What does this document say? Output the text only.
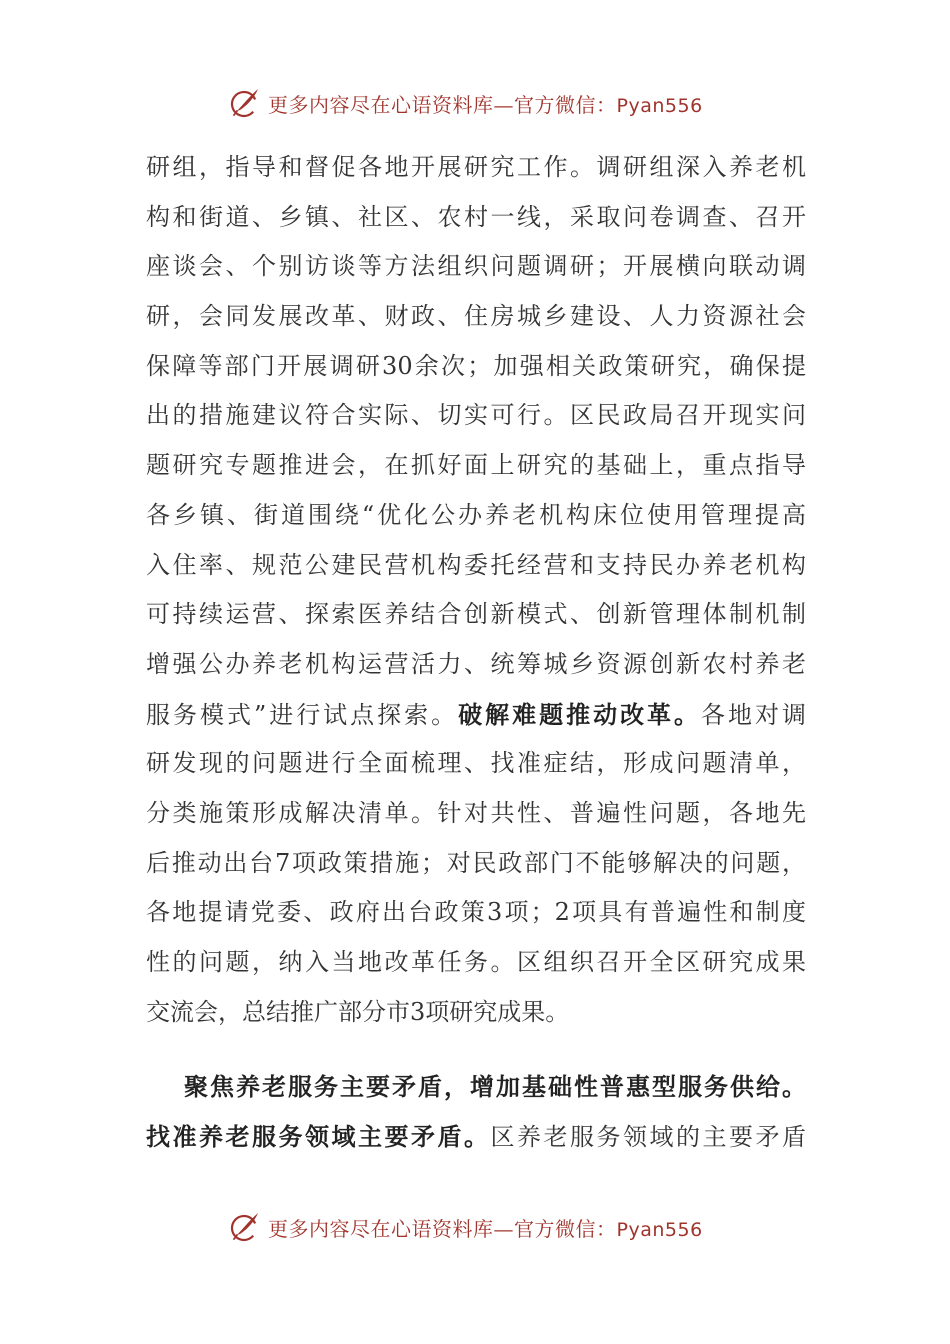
更多内容尽在心语资料库—官方微信：Pyan556
研组，指导和督促各地开展研究工作。调研组深入养老机
构和街道、乡镇、社区、农村一线，采取问卷调查、召开
座谈会、个别访谈等方法组织问题调研；开展横向联动调
研，会同发展改革、财政、住房城乡建设、人力资源社会
保障等部门开展调研30余次；加强相关政策研究，确保提
出的措施建议符合实际、切实可行。区民政局召开现实问
题研究专题推进会，在抓好面上研究的基础上，重点指导
各乡镇、街道围绕“优化公办养老机构床位使用管理提高
入住率、规范公建民营机构委托经营和支持民办养老机构
可持续运营、探索医养结合创新模式、创新管理体制机制
增强公办养老机构运营活力、统筹城乡资源创新农村养老
服务模式”进行试点探索。破解难题推动改革。各地对调
研发现的问题进行全面梳理、找准症结，形成问题清单，
分类施策形成解决清单。针对共性、普遍性问题，各地先
后推动出台7项政策措施；对民政部门不能够解决的问题，
各地提请党委、政府出台政策3项；2项具有普遍性和制度
性的问题，纳入当地改革任务。区组织召开全区研究成果
交流会，总结推广部分市3项研究成果。
聚焦养老服务主要矛盾，增加基础性普惠型服务供给。
找准养老服务领域主要矛盾。区养老服务领域的主要矛盾
更多内容尽在心语资料库—官方微信：Pyan556
